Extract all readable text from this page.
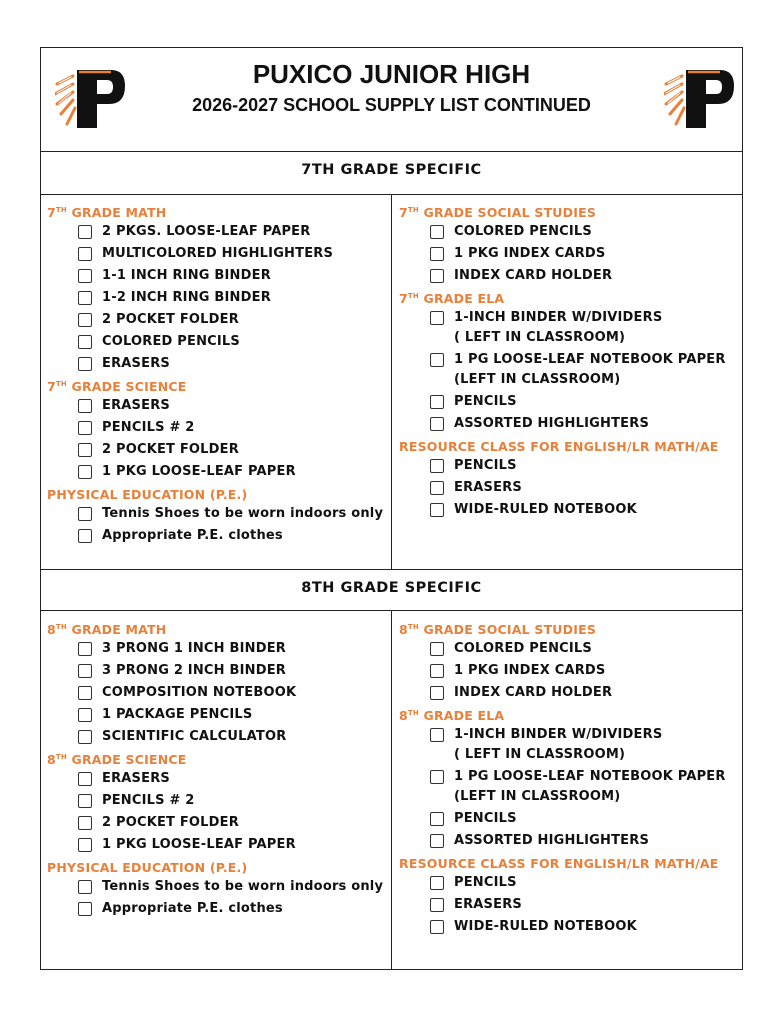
PUXICO JUNIOR HIGH
2026-2027 SCHOOL SUPPLY LIST CONTINUED
7TH GRADE SPECIFIC
8TH GRADE SPECIFIC
7TH GRADE MATH
2 PKGS. LOOSE-LEAF PAPER
MULTICOLORED HIGHLIGHTERS
1-1 INCH RING BINDER
1-2 INCH RING BINDER
2 POCKET FOLDER
COLORED PENCILS
ERASERS
7TH GRADE SCIENCE
ERASERS
PENCILS # 2
2 POCKET FOLDER
1 PKG LOOSE-LEAF PAPER
PHYSICAL EDUCATION (P.E.)
Tennis Shoes to be worn indoors only
Appropriate P.E. clothes
7TH GRADE SOCIAL STUDIES
COLORED PENCILS
1 PKG INDEX CARDS
INDEX CARD HOLDER
7TH GRADE ELA
1-INCH BINDER W/DIVIDERS
( LEFT IN CLASSROOM)
1 PG LOOSE-LEAF NOTEBOOK PAPER
(LEFT IN CLASSROOM)
PENCILS
ASSORTED HIGHLIGHTERS
RESOURCE CLASS FOR ENGLISH/LR MATH/AE
PENCILS
ERASERS
WIDE-RULED NOTEBOOK
8TH GRADE MATH
3 PRONG 1 INCH BINDER
3 PRONG 2 INCH BINDER
COMPOSITION NOTEBOOK
1 PACKAGE PENCILS
SCIENTIFIC CALCULATOR
8TH GRADE SCIENCE
ERASERS
PENCILS # 2
2 POCKET FOLDER
1 PKG LOOSE-LEAF PAPER
PHYSICAL EDUCATION (P.E.)
Tennis Shoes to be worn indoors only
Appropriate P.E. clothes
8TH GRADE SOCIAL STUDIES
COLORED PENCILS
1 PKG INDEX CARDS
INDEX CARD HOLDER
8TH GRADE ELA
1-INCH BINDER W/DIVIDERS
( LEFT IN CLASSROOM)
1 PG LOOSE-LEAF NOTEBOOK PAPER
(LEFT IN CLASSROOM)
PENCILS
ASSORTED HIGHLIGHTERS
RESOURCE CLASS FOR ENGLISH/LR MATH/AE
PENCILS
ERASERS
WIDE-RULED NOTEBOOK
